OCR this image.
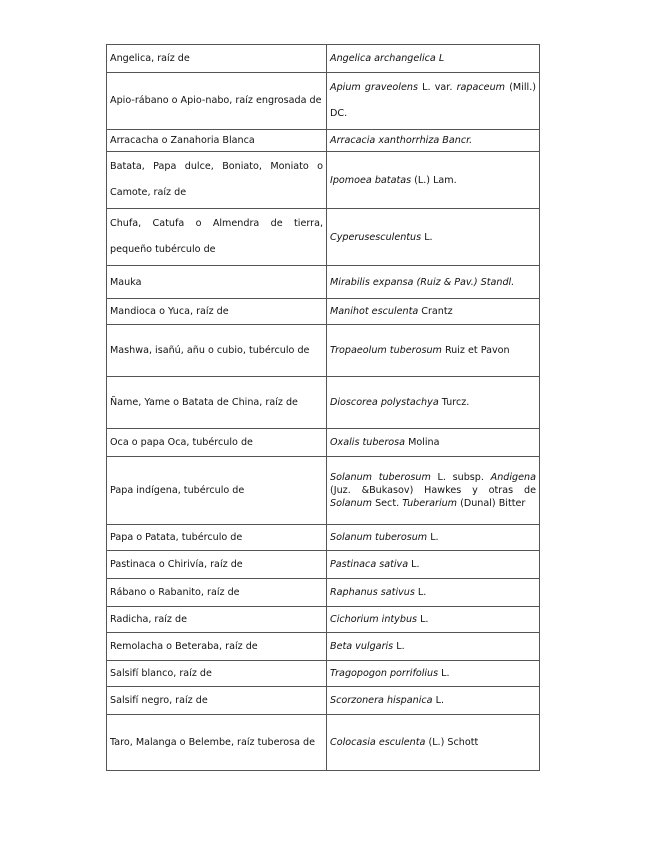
Angelica, raíz de	Angelica archangelica L
Apio-rábano o Apio-nabo, raíz engrosada de	Apium graveolens L. var. rapaceum (Mill.) DC.
Arracacha o Zanahoria Blanca	Arracacia xanthorrhiza Bancr.
Batata, Papa dulce, Boniato, Moniato o Camote, raíz de	Ipomoea batatas (L.) Lam.
Chufa, Catufa o Almendra de tierra, pequeño tubérculo de	Cyperusesculentus L.
Mauka	Mirabilis expansa (Ruiz & Pav.) Standl.
Mandioca o Yuca, raíz de	Manihot esculenta Crantz
Mashwa, isañú, añu o cubio, tubérculo de	Tropaeolum tuberosum Ruiz et Pavon
Ñame, Yame o Batata de China, raíz de	Dioscorea polystachya Turcz.
Oca o papa Oca, tubérculo de	Oxalis tuberosa Molina
Papa indígena, tubérculo de	Solanum tuberosum L. subsp. Andigena (Juz. &Bukasov) Hawkes y otras de Solanum Sect. Tuberarium (Dunal) Bitter
Papa o Patata, tubérculo de	Solanum tuberosum L.
Pastinaca o Chirivía, raíz de	Pastinaca sativa L.
Rábano o Rabanito, raíz de	Raphanus sativus L.
Radicha, raíz de	Cichorium intybus L.
Remolacha o Beteraba, raíz de	Beta vulgaris L.
Salsifí blanco, raíz de	Tragopogon porrifolius L.
Salsifí negro, raíz de	Scorzonera hispanica L.
Taro, Malanga o Belembe, raíz tuberosa de	Colocasia esculenta (L.) Schott
